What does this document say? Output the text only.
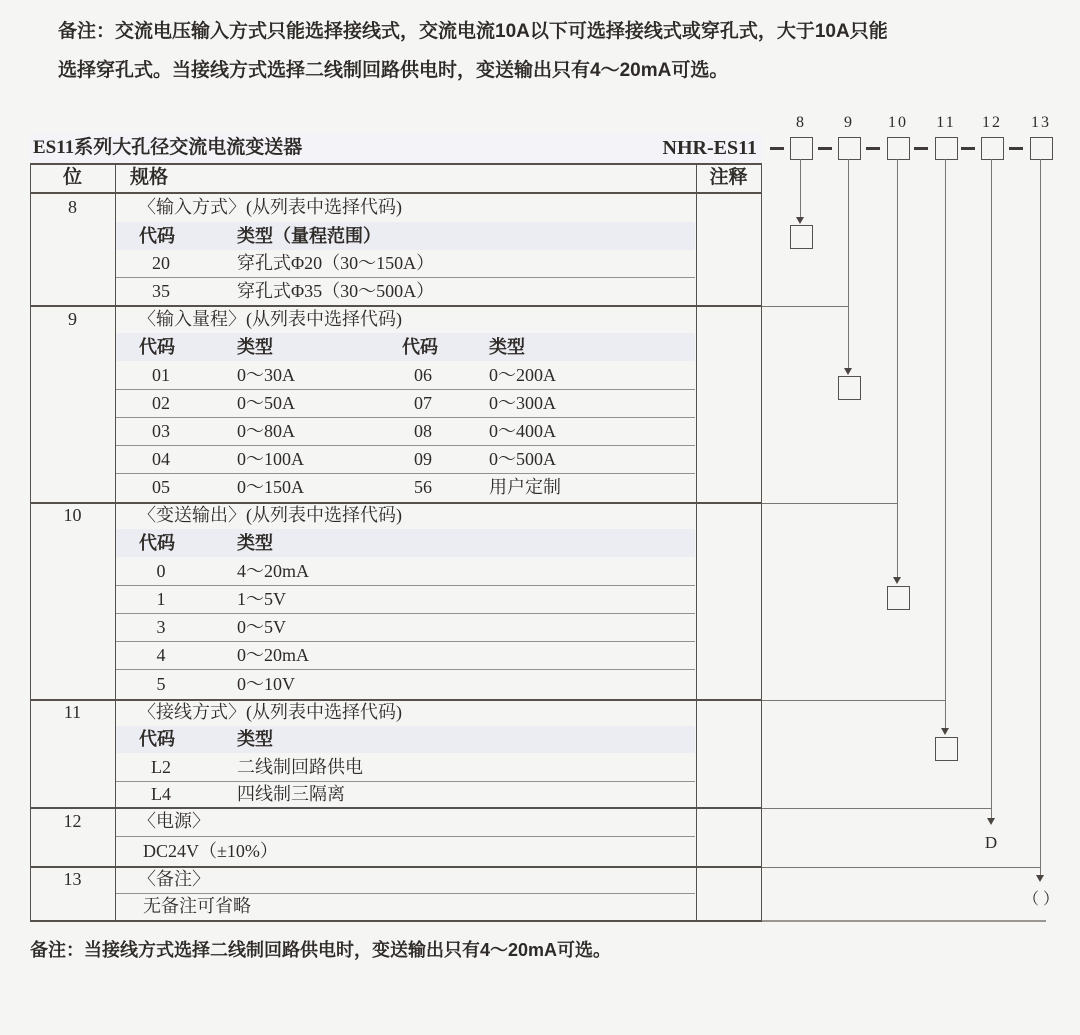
备注：交流电压输入方式只能选择接线式，交流电流10A以下可选择接线式或穿孔式，大于10A只能
选择穿孔式。当接线方式选择二线制回路供电时，变送输出只有4～20mA可选。
ES11系列大孔径交流电流变送器	NHR-ES11
8	9	10	11	12	13
D
（ ）
位	规格	注释
8	〈输入方式〉(从列表中选择代码)
代码	类型（量程范围）
20	穿孔式Φ20（30～150A）
35	穿孔式Φ35（30～500A）
9	〈输入量程〉(从列表中选择代码)
代码	类型	代码	类型
01	0～30A	06	0～200A
02	0～50A	07	0～300A
03	0～80A	08	0～400A
04	0～100A	09	0～500A
05	0～150A	56	用户定制
10	〈变送输出〉(从列表中选择代码)
代码	类型
0	4～20mA
1	1～5V
3	0～5V
4	0～20mA
5	0～10V
11	〈接线方式〉(从列表中选择代码)
代码	类型
L2	二线制回路供电
L4	四线制三隔离
12	〈电源〉
DC24V（±10%）
13	〈备注〉
无备注可省略
备注：当接线方式选择二线制回路供电时，变送输出只有4～20mA可选。
